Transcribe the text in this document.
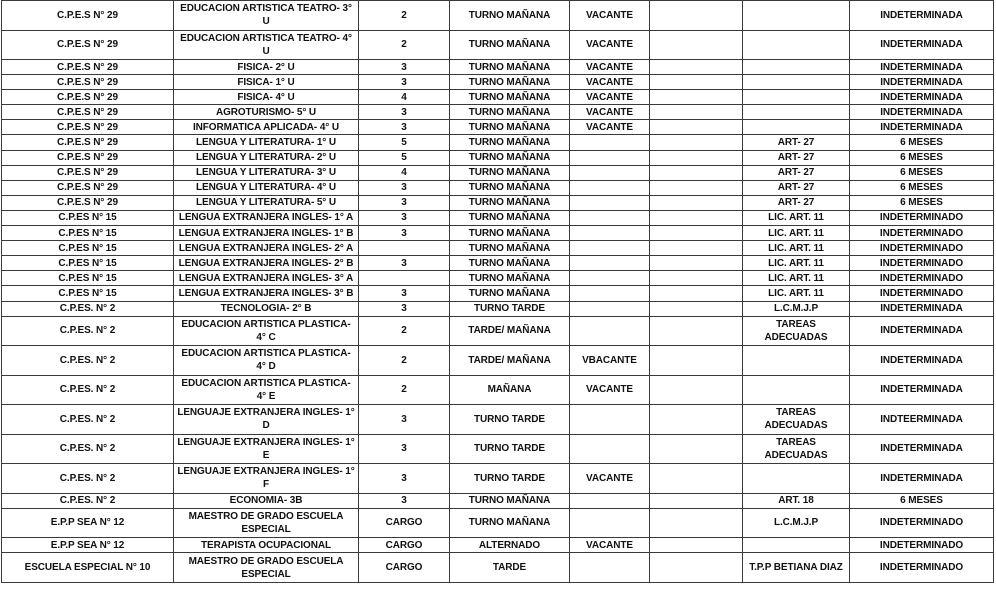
C.P.E.S N° 29	EDUCACION ARTISTICA TEATRO- 3° U	2	TURNO MAÑANA	VACANTE			INDETERMINADA
C.P.E.S N° 29	EDUCACION ARTISTICA TEATRO- 4° U	2	TURNO MAÑANA	VACANTE			INDETERMINADA
C.P.E.S N° 29	FISICA- 2° U	3	TURNO MAÑANA	VACANTE			INDETERMINADA
C.P.E.S N° 29	FISICA- 1° U	3	TURNO MAÑANA	VACANTE			INDETERMINADA
C.P.E.S N° 29	FISICA- 4° U	4	TURNO MAÑANA	VACANTE			INDETERMINADA
C.P.E.S N° 29	AGROTURISMO- 5° U	3	TURNO MAÑANA	VACANTE			INDETERMINADA
C.P.E.S N° 29	INFORMATICA APLICADA- 4° U	3	TURNO MAÑANA	VACANTE			INDETERMINADA
C.P.E.S N° 29	LENGUA Y LITERATURA- 1° U	5	TURNO MAÑANA			ART- 27	6 MESES
C.P.E.S N° 29	LENGUA Y LITERATURA- 2° U	5	TURNO MAÑANA			ART- 27	6 MESES
C.P.E.S N° 29	LENGUA Y LITERATURA- 3° U	4	TURNO MAÑANA			ART- 27	6 MESES
C.P.E.S N° 29	LENGUA Y LITERATURA- 4° U	3	TURNO MAÑANA			ART- 27	6 MESES
C.P.E.S N° 29	LENGUA Y LITERATURA- 5° U	3	TURNO MAÑANA			ART- 27	6 MESES
C.P.ES N° 15	LENGUA EXTRANJERA INGLES- 1° A	3	TURNO MAÑANA			LIC. ART. 11	INDETERMINADO
C.P.ES N° 15	LENGUA EXTRANJERA INGLES- 1° B	3	TURNO MAÑANA			LIC. ART. 11	INDETERMINADO
C.P.ES N° 15	LENGUA EXTRANJERA INGLES- 2° A		TURNO MAÑANA			LIC. ART. 11	INDETERMINADO
C.P.ES N° 15	LENGUA EXTRANJERA INGLES- 2° B	3	TURNO MAÑANA			LIC. ART. 11	INDETERMINADO
C.P.ES N° 15	LENGUA EXTRANJERA INGLES- 3° A		TURNO MAÑANA			LIC. ART. 11	INDETERMINADO
C.P.ES N° 15	LENGUA EXTRANJERA INGLES- 3° B	3	TURNO MAÑANA			LIC. ART. 11	INDETERMINADO
C.P.ES. N° 2	TECNOLOGIA- 2° B	3	TURNO TARDE			L.C.M.J.P	INDETERMINADA
C.P.ES. N° 2	EDUCACION ARTISTICA PLASTICA- 4° C	2	TARDE/ MAÑANA			TAREAS ADECUADAS	INDETERMINADA
C.P.ES. N° 2	EDUCACION ARTISTICA PLASTICA- 4° D	2	TARDE/ MAÑANA	VBACANTE			INDETERMINADA
C.P.ES. N° 2	EDUCACION ARTISTICA PLASTICA- 4° E	2	MAÑANA	VACANTE			INDETERMINADA
C.P.ES. N° 2	LENGUAJE EXTRANJERA INGLES- 1° D	3	TURNO TARDE			TAREAS ADECUADAS	INDTEERMINADA
C.P.ES. N° 2	LENGUAJE EXTRANJERA INGLES- 1° E	3	TURNO TARDE			TAREAS ADECUADAS	INDETERMINADA
C.P.ES. N° 2	LENGUAJE EXTRANJERA INGLES- 1° F	3	TURNO TARDE	VACANTE			INDETERMINADA
C.P.ES. N° 2	ECONOMIA- 3B	3	TURNO MAÑANA			ART. 18	6 MESES
E.P.P SEA N° 12	MAESTRO DE GRADO ESCUELA ESPECIAL	CARGO	TURNO MAÑANA			L.C.M.J.P	INDETERMINADO
E.P.P SEA N° 12	TERAPISTA OCUPACIONAL	CARGO	ALTERNADO	VACANTE			INDETERMINADO
ESCUELA ESPECIAL N° 10	MAESTRO DE GRADO ESCUELA ESPECIAL	CARGO	TARDE			T.P.P BETIANA DIAZ	INDETERMINADO
